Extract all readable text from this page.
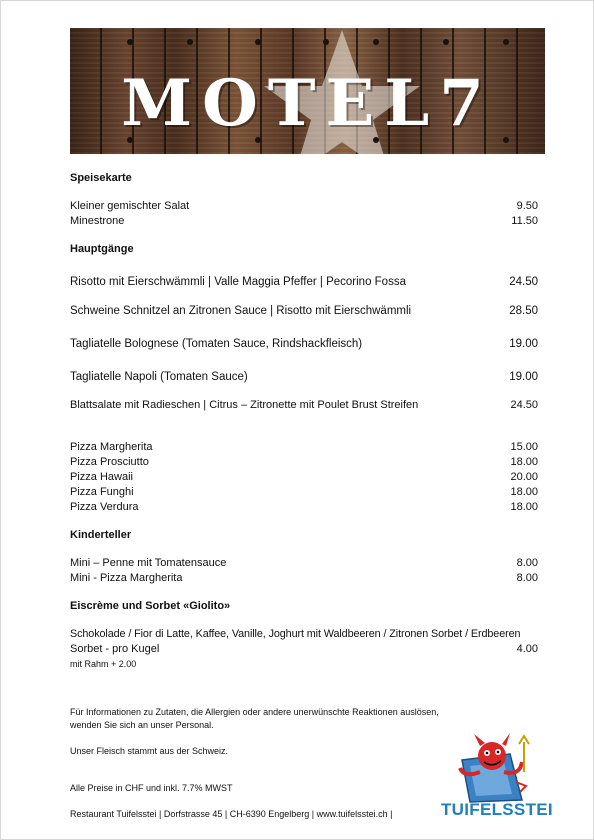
MOTEL7
Speisekarte
Kleiner gemischter Salat	9.50
Minestrone	11.50
Hauptgänge
Risotto mit Eierschwämmli | Valle Maggia Pfeffer | Pecorino Fossa	24.50
Schweine Schnitzel an Zitronen Sauce | Risotto mit Eierschwämmli	28.50
Tagliatelle Bolognese (Tomaten Sauce, Rindshackfleisch)	19.00
Tagliatelle Napoli (Tomaten Sauce)	19.00
Blattsalate mit Radieschen | Citrus – Zitronette mit Poulet Brust Streifen	24.50
Pizza Margherita	15.00
Pizza Prosciutto	18.00
Pizza Hawaii	20.00
Pizza Funghi	18.00
Pizza Verdura	18.00
Kinderteller
Mini – Penne mit Tomatensauce	8.00
Mini - Pizza Margherita	8.00
Eiscrème und Sorbet «Giolito»
Schokolade / Fior di Latte, Kaffee, Vanille, Joghurt mit Waldbeeren / Zitronen Sorbet / Erdbeeren
Sorbet - pro Kugel	4.00
mit Rahm + 2.00
Für Informationen zu Zutaten, die Allergien oder andere unerwünschte Reaktionen auslösen,
wenden Sie sich an unser Personal.
Unser Fleisch stammt aus der Schweiz.
Alle Preise in CHF und inkl. 7.7% MWST
Restaurant Tuifelsstei | Dorfstrasse 45 | CH-6390 Engelberg | www.tuifelsstei.ch |	TUIFELSSTEI
